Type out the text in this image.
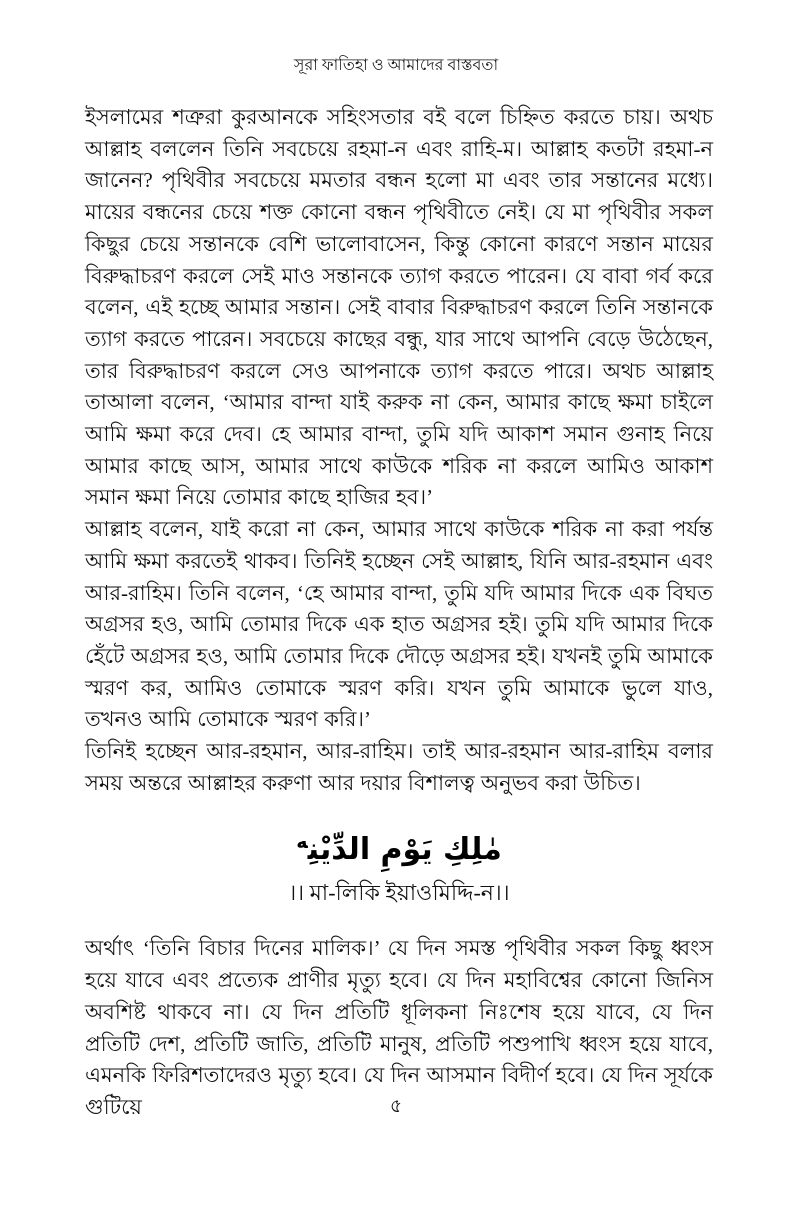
সূরা ফাতিহা ও আমাদের বাস্তবতা

ইসলামের শত্রুরা কুরআনকে সহিংসতার বই বলে চিহ্নিত করতে চায়। অথচ আল্লাহ বললেন তিনি সবচেয়ে রহমা-ন এবং রাহি-ম। আল্লাহ কতটা রহমা-ন জানেন? পৃথিবীর সবচেয়ে মমতার বন্ধন হলো মা এবং তার সন্তানের মধ্যে। মায়ের বন্ধনের চেয়ে শক্ত কোনো বন্ধন পৃথিবীতে নেই। যে মা পৃথিবীর সকল কিছুর চেয়ে সন্তানকে বেশি ভালোবাসেন, কিন্তু কোনো কারণে সন্তান মায়ের বিরুদ্ধাচরণ করলে সেই মাও সন্তানকে ত্যাগ করতে পারেন। যে বাবা গর্ব করে বলেন, এই হচ্ছে আমার সন্তান। সেই বাবার বিরুদ্ধাচরণ করলে তিনি সন্তানকে ত্যাগ করতে পারেন। সবচেয়ে কাছের বন্ধু, যার সাথে আপনি বেড়ে উঠেছেন, তার বিরুদ্ধাচরণ করলে সেও আপনাকে ত্যাগ করতে পারে। অথচ আল্লাহ তাআলা বলেন, ‘আমার বান্দা যাই করুক না কেন, আমার কাছে ক্ষমা চাইলে আমি ক্ষমা করে দেব। হে আমার বান্দা, তুমি যদি আকাশ সমান গুনাহ নিয়ে আমার কাছে আস, আমার সাথে কাউকে শরিক না করলে আমিও আকাশ সমান ক্ষমা নিয়ে তোমার কাছে হাজির হব।’

আল্লাহ বলেন, যাই করো না কেন, আমার সাথে কাউকে শরিক না করা পর্যন্ত আমি ক্ষমা করতেই থাকব। তিনিই হচ্ছেন সেই আল্লাহ, যিনি আর-রহমান এবং আর-রাহিম। তিনি বলেন, ‘হে আমার বান্দা, তুমি যদি আমার দিকে এক বিঘত অগ্রসর হও, আমি তোমার দিকে এক হাত অগ্রসর হই। তুমি যদি আমার দিকে হেঁটে অগ্রসর হও, আমি তোমার দিকে দৌড়ে অগ্রসর হই। যখনই তুমি আমাকে স্মরণ কর, আমিও তোমাকে স্মরণ করি। যখন তুমি আমাকে ভুলে যাও, তখনও আমি তোমাকে স্মরণ করি।’

তিনিই হচ্ছেন আর-রহমান, আর-রাহিম। তাই আর-রহমান আর-রাহিম বলার সময় অন্তরে আল্লাহর করুণা আর দয়ার বিশালত্ব অনুভব করা উচিত।

مٰلِكِ يَوْمِ الدِّيْنِ$^ه$
।। মা-লিকি ইয়াওমিদ্দি-ন।।

অর্থাৎ ‘তিনি বিচার দিনের মালিক।’ যে দিন সমস্ত পৃথিবীর সকল কিছু ধ্বংস হয়ে যাবে এবং প্রত্যেক প্রাণীর মৃত্যু হবে। যে দিন মহাবিশ্বের কোনো জিনিস অবশিষ্ট থাকবে না। যে দিন প্রতিটি ধূলিকনা নিঃশেষ হয়ে যাবে, যে দিন প্রতিটি দেশ, প্রতিটি জাতি, প্রতিটি মানুষ, প্রতিটি পশুপাখি ধ্বংস হয়ে যাবে, এমনকি ফিরিশতাদেরও মৃত্যু হবে। যে দিন আসমান বিদীর্ণ হবে। যে দিন সূর্যকে গুটিয়ে	৫
